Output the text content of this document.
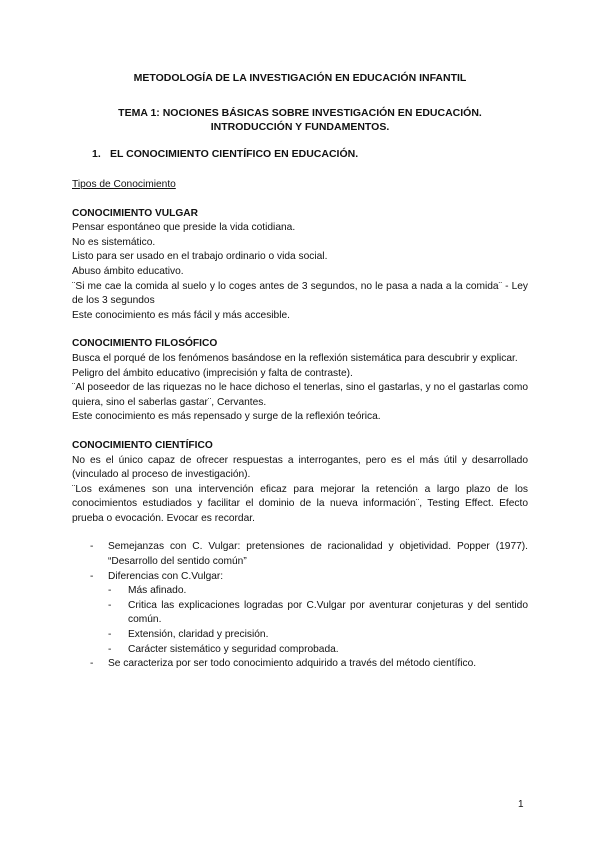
METODOLOGÍA DE LA INVESTIGACIÓN EN EDUCACIÓN INFANTIL
TEMA 1: NOCIONES BÁSICAS SOBRE INVESTIGACIÓN EN EDUCACIÓN.
INTRODUCCIÓN Y FUNDAMENTOS.
1. EL CONOCIMIENTO CIENTÍFICO EN EDUCACIÓN.

Tipos de Conocimiento

CONOCIMIENTO VULGAR

Pensar espontáneo que preside la vida cotidiana.

No es sistemático.

Listo para ser usado en el trabajo ordinario o vida social.

Abuso ámbito educativo.

¨Si me cae la comida al suelo y lo coges antes de 3 segundos, no le pasa a nada a la comida¨ - Ley de los 3 segundos

Este conocimiento es más fácil y más accesible.

CONOCIMIENTO FILOSÓFICO

Busca el porqué de los fenómenos basándose en la reflexión sistemática para descubrir y explicar.

Peligro del ámbito educativo (imprecisión y falta de contraste).

¨Al poseedor de las riquezas no le hace dichoso el tenerlas, sino el gastarlas, y no el gastarlas como quiera, sino el saberlas gastar¨, Cervantes.

Este conocimiento es más repensado y surge de la reflexión teórica.

CONOCIMIENTO CIENTÍFICO

No es el único capaz de ofrecer respuestas a interrogantes, pero es el más útil y desarrollado (vinculado al proceso de investigación).

¨Los exámenes son una intervención eficaz para mejorar la retención a largo plazo de los conocimientos estudiados y facilitar el dominio de la nueva información¨, Testing Effect. Efecto prueba o evocación. Evocar es recordar.

- Semejanzas con C. Vulgar: pretensiones de racionalidad y objetividad. Popper (1977). “Desarrollo del sentido común”
- Diferencias con C.Vulgar:
- Más afinado.
- Critica las explicaciones logradas por C.Vulgar por aventurar conjeturas y del sentido común.
- Extensión, claridad y precisión.
- Carácter sistemático y seguridad comprobada.
- Se caracteriza por ser todo conocimiento adquirido a través del método científico.
1
